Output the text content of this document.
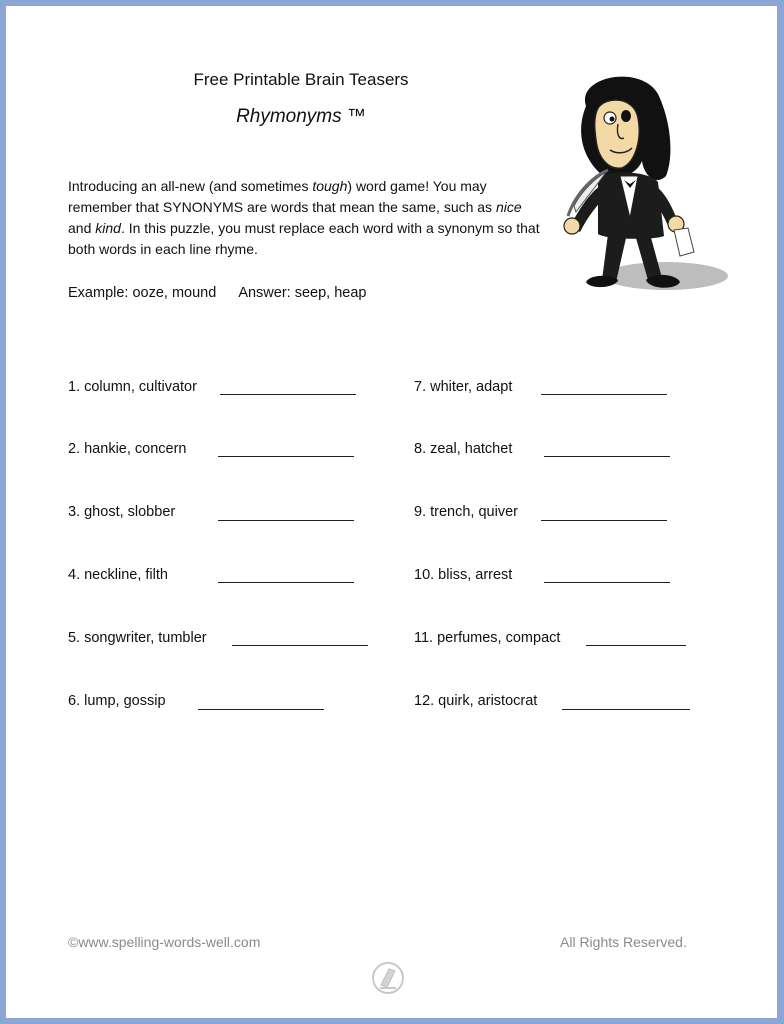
Free Printable Brain Teasers
Rhymonyms ™
Introducing an all-new (and sometimes tough) word game! You may remember that SYNONYMS are words that mean the same, such as nice and kind. In this puzzle, you must replace each word with a synonym so that both words in each line rhyme.
Example: ooze, mound Answer: seep, heap
1. column, cultivator
2. hankie, concern
3. ghost, slobber
4. neckline, filth
5. songwriter, tumbler
6. lump, gossip
7. whiter, adapt
8. zeal, hatchet
9. trench, quiver
10. bliss, arrest
11. perfumes, compact
12. quirk, aristocrat
©www.spelling-words-well.com	All Rights Reserved.
